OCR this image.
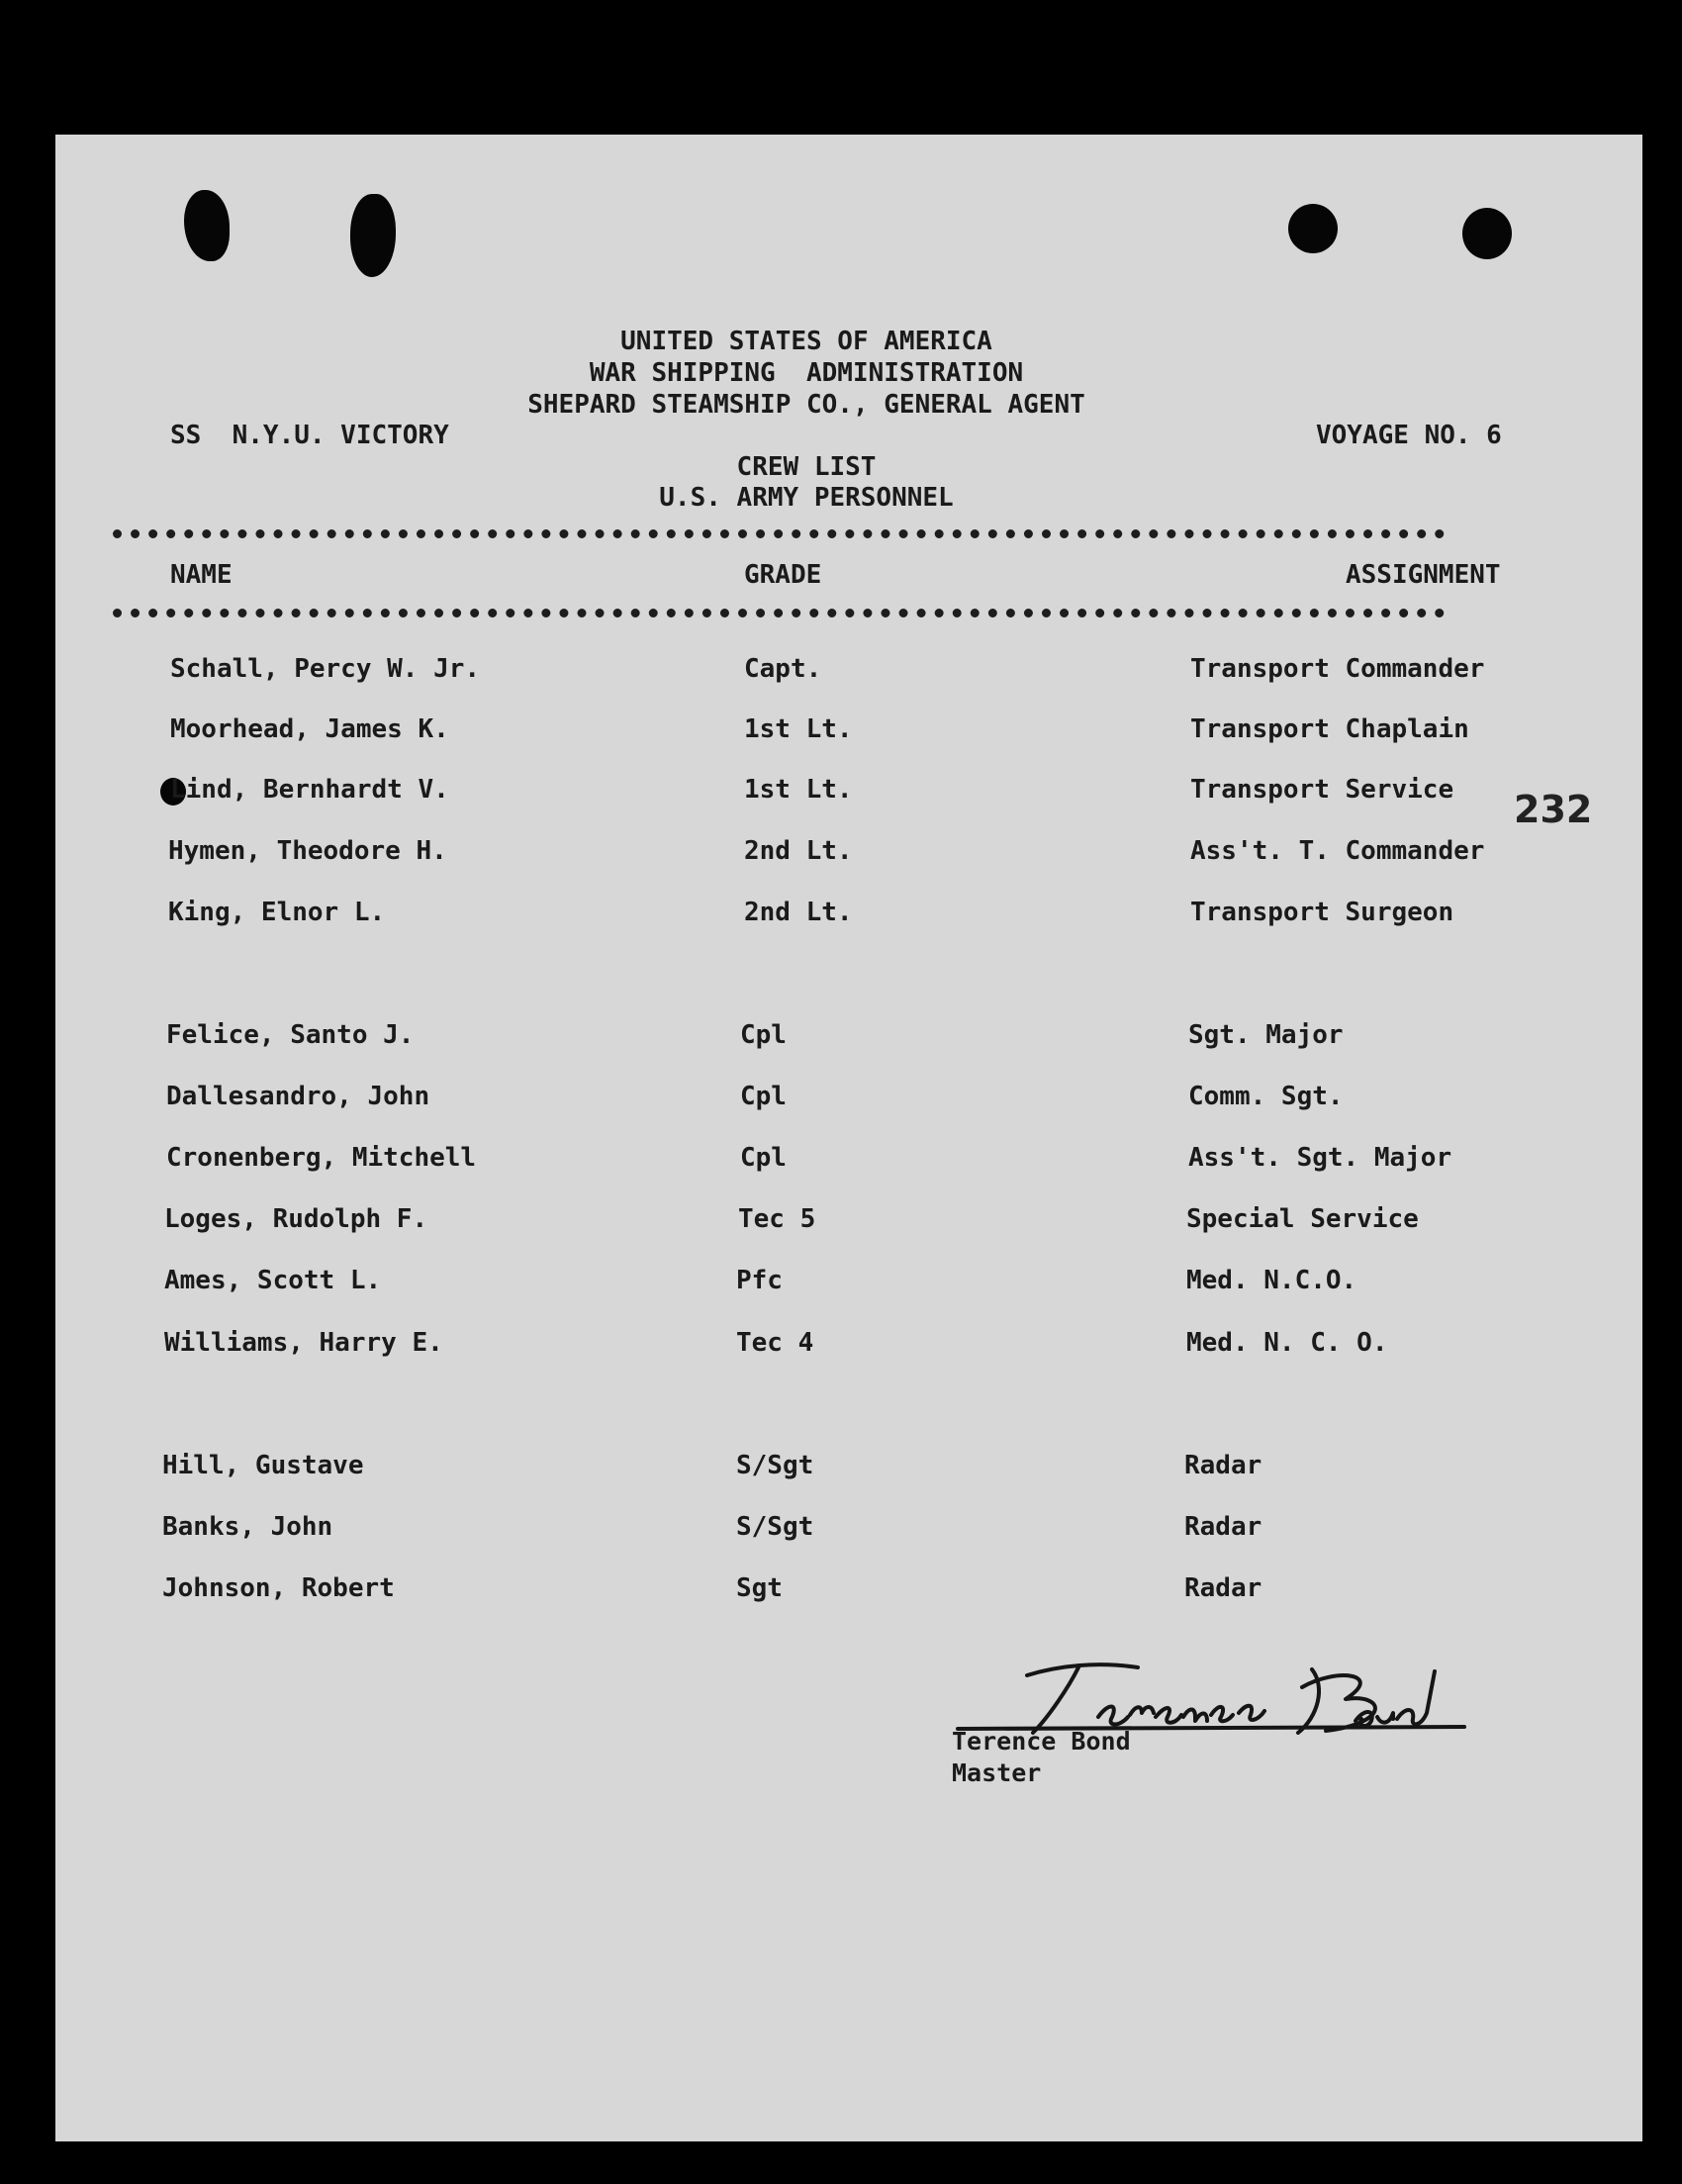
UNITED STATES OF AMERICA
WAR SHIPPING  ADMINISTRATION
SHEPARD STEAMSHIP CO., GENERAL AGENT
SS  N.Y.U. VICTORY	VOYAGE NO. 6
CREW LIST
U.S. ARMY PERSONNEL
NAME	GRADE	ASSIGNMENT
232
Schall, Percy W. Jr.	Capt.	Transport Commander
Moorhead, James K.	1st Lt.	Transport Chaplain
Lind, Bernhardt V.	1st Lt.	Transport Service
Hymen, Theodore H.	2nd Lt.	Ass't. T. Commander
King, Elnor L.	2nd Lt.	Transport Surgeon
Felice, Santo J.	Cpl	Sgt. Major
Dallesandro, John	Cpl	Comm. Sgt.
Cronenberg, Mitchell	Cpl	Ass't. Sgt. Major
Loges, Rudolph F.	Tec 5	Special Service
Ames, Scott L.	Pfc	Med. N.C.O.
Williams, Harry E.	Tec 4	Med. N. C. O.
Hill, Gustave	S/Sgt	Radar
Banks, John	S/Sgt	Radar
Johnson, Robert	Sgt	Radar
Terence Bond
Master
